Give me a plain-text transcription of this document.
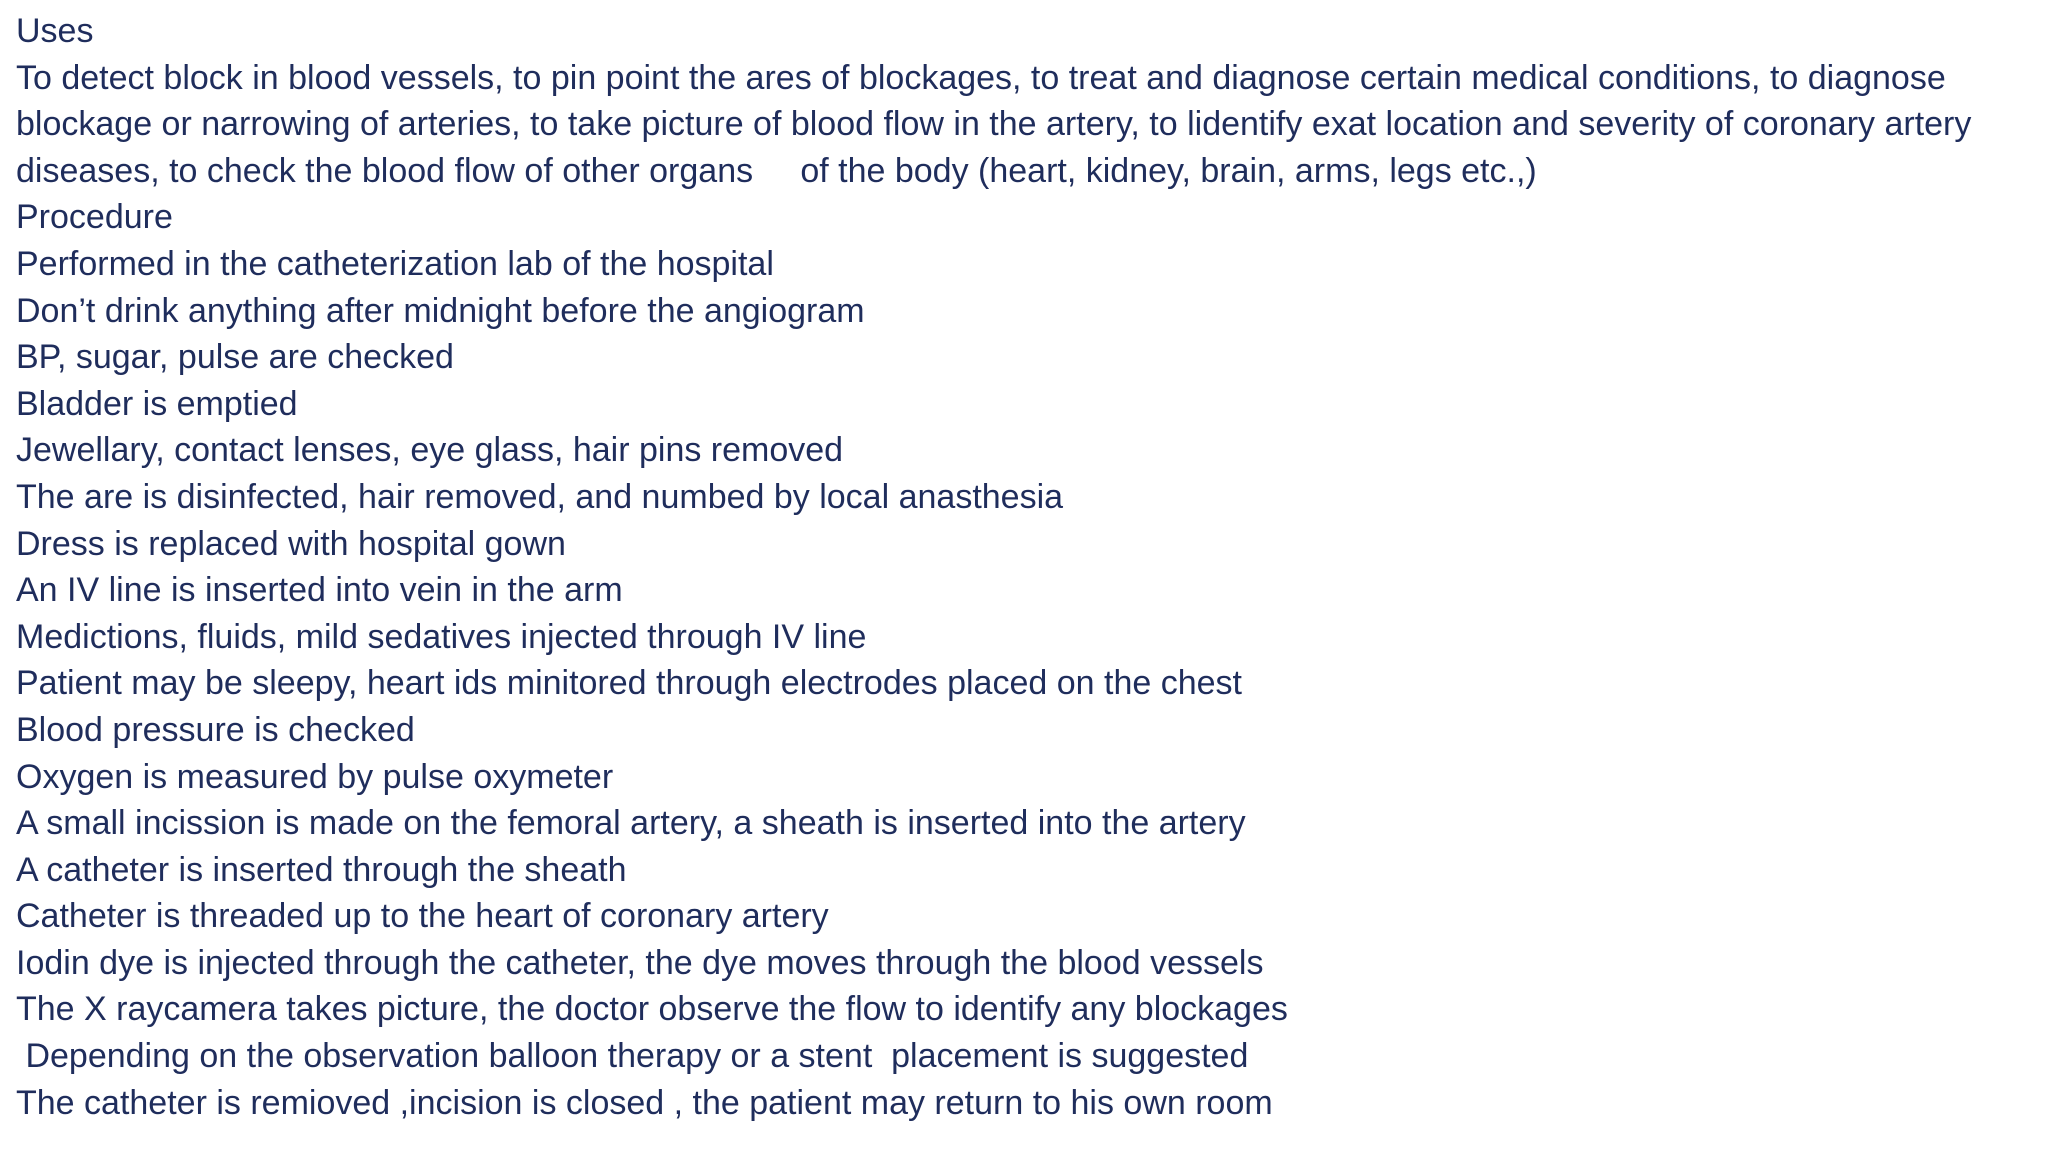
Uses
To detect block in blood vessels, to pin point the ares of blockages, to treat and diagnose certain medical conditions, to diagnose blockage or narrowing of arteries, to take picture of blood flow in the artery, to lidentify exat location and severity of coronary artery diseases, to check the blood flow of other organs     of the body (heart, kidney, brain, arms, legs etc.,)
Procedure
Performed in the catheterization lab of the hospital
Don’t drink anything after midnight before the angiogram
BP, sugar, pulse are checked
Bladder is emptied
Jewellary, contact lenses, eye glass, hair pins removed
The are is disinfected, hair removed, and numbed by local anasthesia
Dress is replaced with hospital gown
An IV line is inserted into vein in the arm
Medictions, fluids, mild sedatives injected through IV line
Patient may be sleepy, heart ids minitored through electrodes placed on the chest
Blood pressure is checked
Oxygen is measured by pulse oxymeter
A small incission is made on the femoral artery, a sheath is inserted into the artery
A catheter is inserted through the sheath
Catheter is threaded up to the heart of coronary artery
Iodin dye is injected through the catheter, the dye moves through the blood vessels
The X raycamera takes picture, the doctor observe the flow to identify any blockages
Depending on the observation balloon therapy or a stent  placement is suggested
The catheter is remioved ,incision is closed , the patient may return to his own room
